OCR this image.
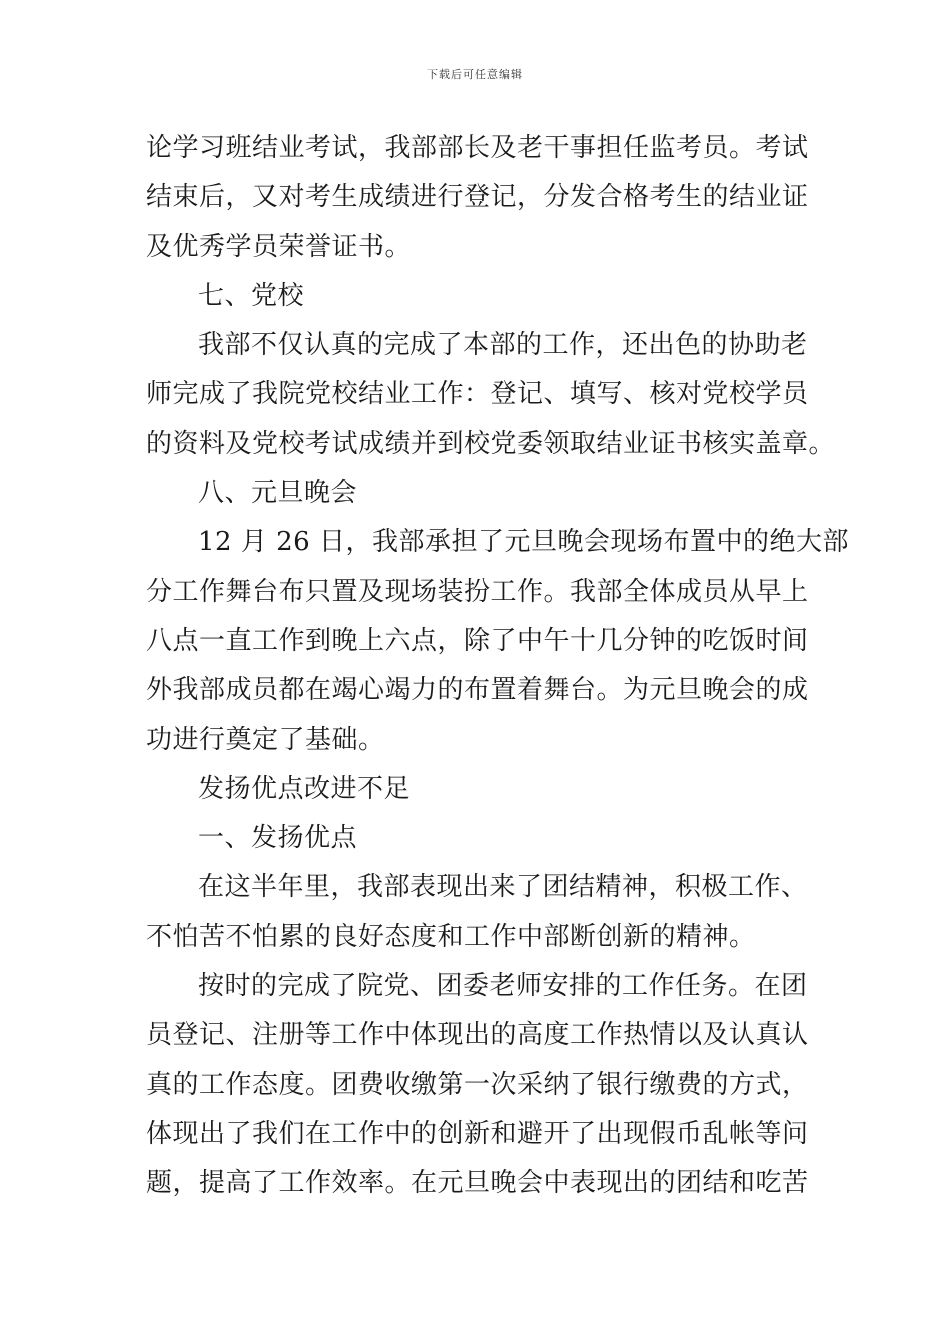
下载后可任意编辑

论学习班结业考试，我部部长及老干事担任监考员。考试
结束后，又对考生成绩进行登记，分发合格考生的结业证
及优秀学员荣誉证书。

七、党校

我部不仅认真的完成了本部的工作，还出色的协助老
师完成了我院党校结业工作：登记、填写、核对党校学员
的资料及党校考试成绩并到校党委领取结业证书核实盖章。

八、元旦晚会

12 月 26 日，我部承担了元旦晚会现场布置中的绝大部
分工作舞台布只置及现场装扮工作。我部全体成员从早上
八点一直工作到晚上六点，除了中午十几分钟的吃饭时间
外我部成员都在竭心竭力的布置着舞台。为元旦晚会的成
功进行奠定了基础。

发扬优点改进不足

一、发扬优点

在这半年里，我部表现出来了团结精神，积极工作、
不怕苦不怕累的良好态度和工作中部断创新的精神。

按时的完成了院党、团委老师安排的工作任务。在团
员登记、注册等工作中体现出的高度工作热情以及认真认
真的工作态度。团费收缴第一次采纳了银行缴费的方式，
体现出了我们在工作中的创新和避开了出现假币乱帐等问
题，提高了工作效率。在元旦晚会中表现出的团结和吃苦
